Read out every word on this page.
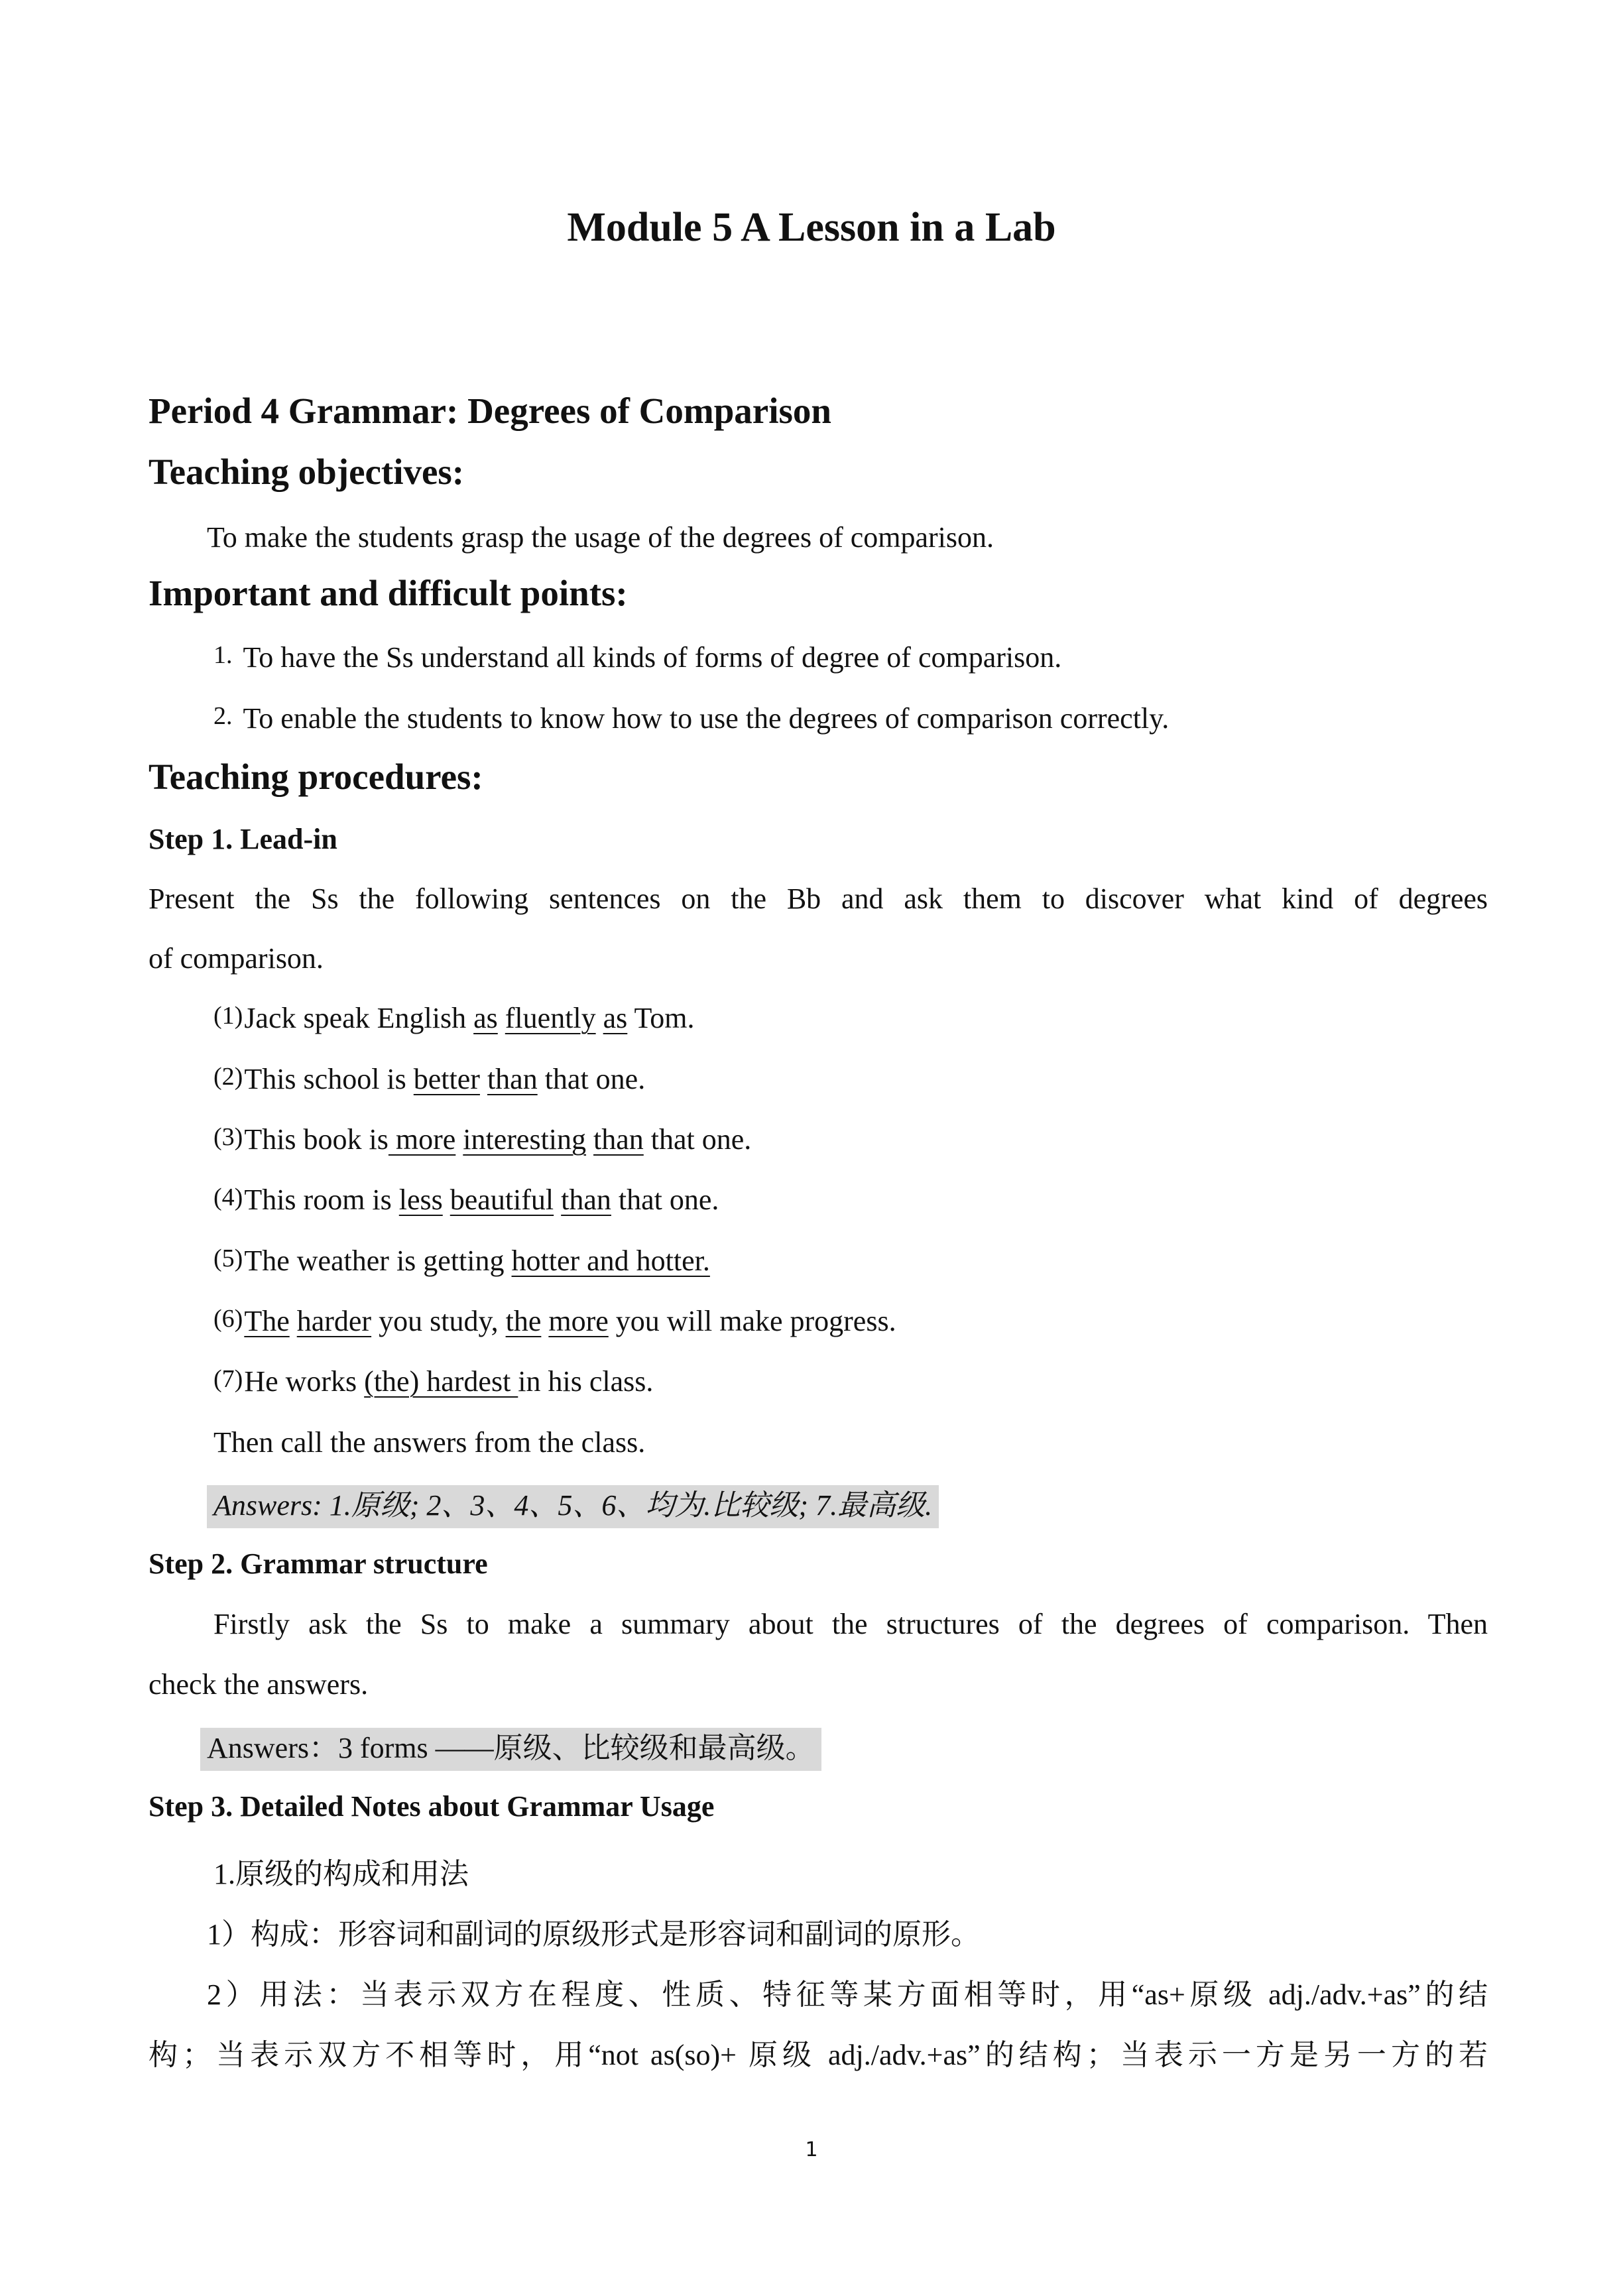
Module 5 A Lesson in a Lab
Period 4 Grammar: Degrees of Comparison
Teaching objectives:
To make the students grasp the usage of the degrees of comparison.
Important and difficult points:
1. To have the Ss understand all kinds of forms of degree of comparison.
2. To enable the students to know how to use the degrees of comparison correctly.
Teaching procedures:
Step 1. Lead-in
Present the Ss the following sentences on the Bb and ask them to discover what kind of degrees
of comparison.
(1)Jack speak English as fluently as Tom.
(2)This school is better than that one.
(3)This book is more interesting than that one.
(4)This room is less beautiful than that one.
(5)The weather is getting hotter and hotter.
(6)The harder you study, the more you will make progress.
(7)He works (the) hardest in his class.
Then call the answers from the class.
Answers: 1.原级; 2、3、4、5、6、均为.比较级; 7.最高级.
Step 2. Grammar structure
Firstly ask the Ss to make a summary about the structures of the degrees of comparison. Then
check the answers.
Answers：3 forms ——原级、比较级和最高级。
Step 3. Detailed Notes about Grammar Usage
1.原级的构成和用法
1）构成：形容词和副词的原级形式是形容词和副词的原形。
2）用法：当表示双方在程度、性质、特征等某方面相等时，用“as+原级 adj./adv.+as”的结
构；当表示双方不相等时，用“not as(so)+ 原级 adj./adv.+as”的结构；当表示一方是另一方的若
1
